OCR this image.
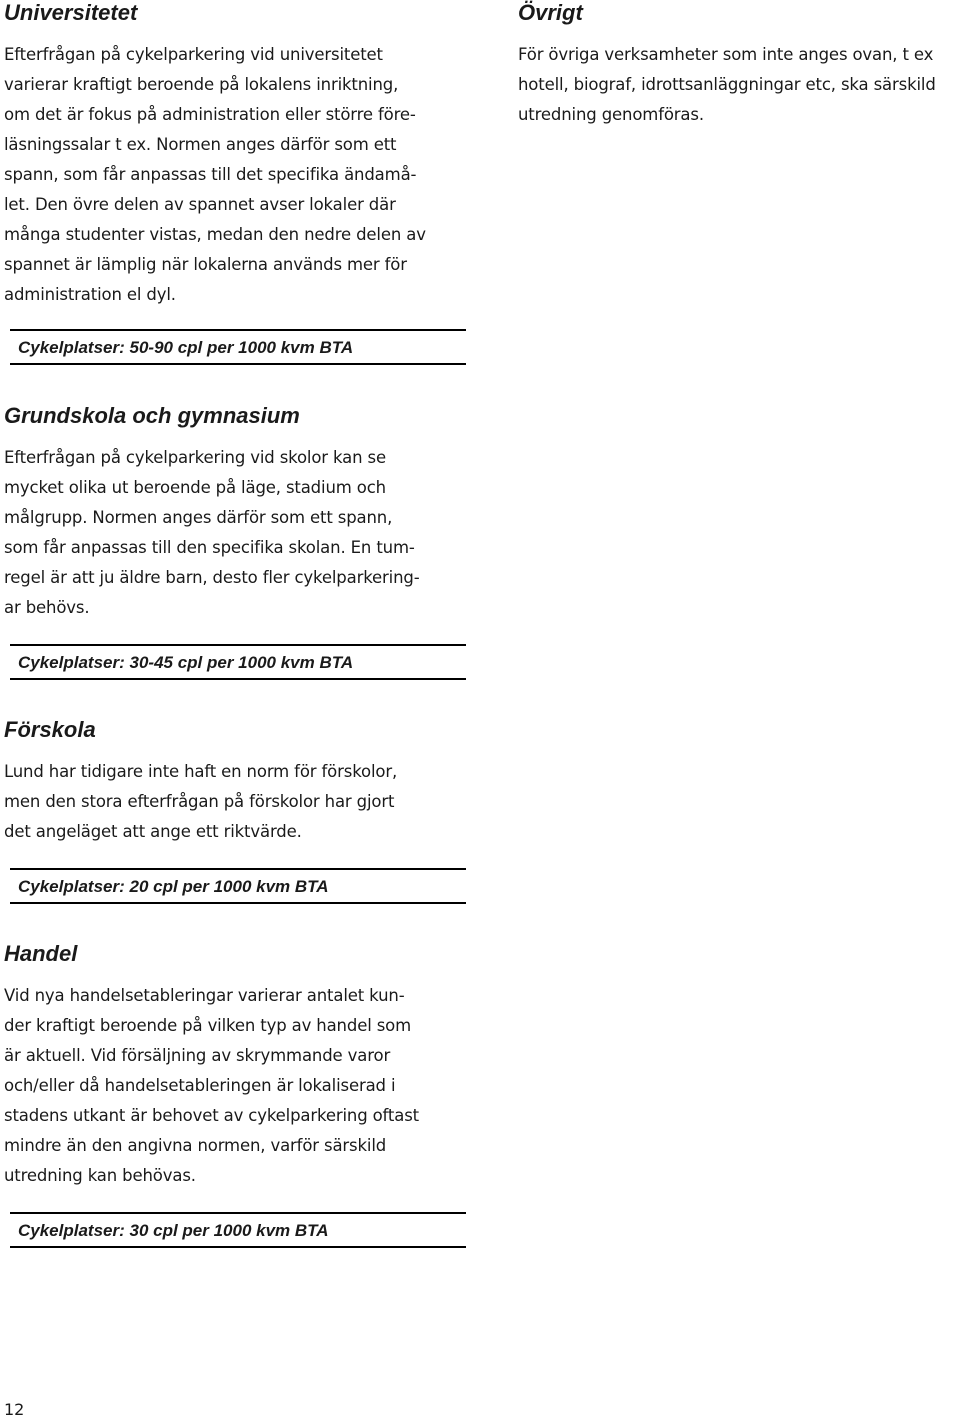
Universitetet
Efterfrågan på cykelparkering vid universitetet
varierar kraftigt beroende på lokalens inriktning,
om det är fokus på administration eller större före-
läsningssalar t ex. Normen anges därför som ett
spann, som får anpassas till det specifika ändamå-
let. Den övre delen av spannet avser lokaler där
många studenter vistas, medan den nedre delen av
spannet är lämplig när lokalerna används mer för
administration el dyl.
Cykelplatser: 50-90 cpl per 1000 kvm BTA
Grundskola och gymnasium
Efterfrågan på cykelparkering vid skolor kan se
mycket olika ut beroende på läge, stadium och
målgrupp. Normen anges därför som ett spann,
som får anpassas till den specifika skolan. En tum-
regel är att ju äldre barn, desto fler cykelparkering-
ar behövs.
Cykelplatser: 30-45 cpl per 1000 kvm BTA
Förskola
Lund har tidigare inte haft en norm för förskolor,
men den stora efterfrågan på förskolor har gjort
det angeläget att ange ett riktvärde.
Cykelplatser: 20 cpl per 1000 kvm BTA
Handel
Vid nya handelsetableringar varierar antalet kun-
der kraftigt beroende på vilken typ av handel som
är aktuell. Vid försäljning av skrymmande varor
och/eller då handelsetableringen är lokaliserad i
stadens utkant är behovet av cykelparkering oftast
mindre än den angivna normen, varför särskild
utredning kan behövas.
Cykelplatser: 30 cpl per 1000 kvm BTA
Övrigt
För övriga verksamheter som inte anges ovan, t ex
hotell, biograf, idrottsanläggningar etc, ska särskild
utredning genomföras.
12
